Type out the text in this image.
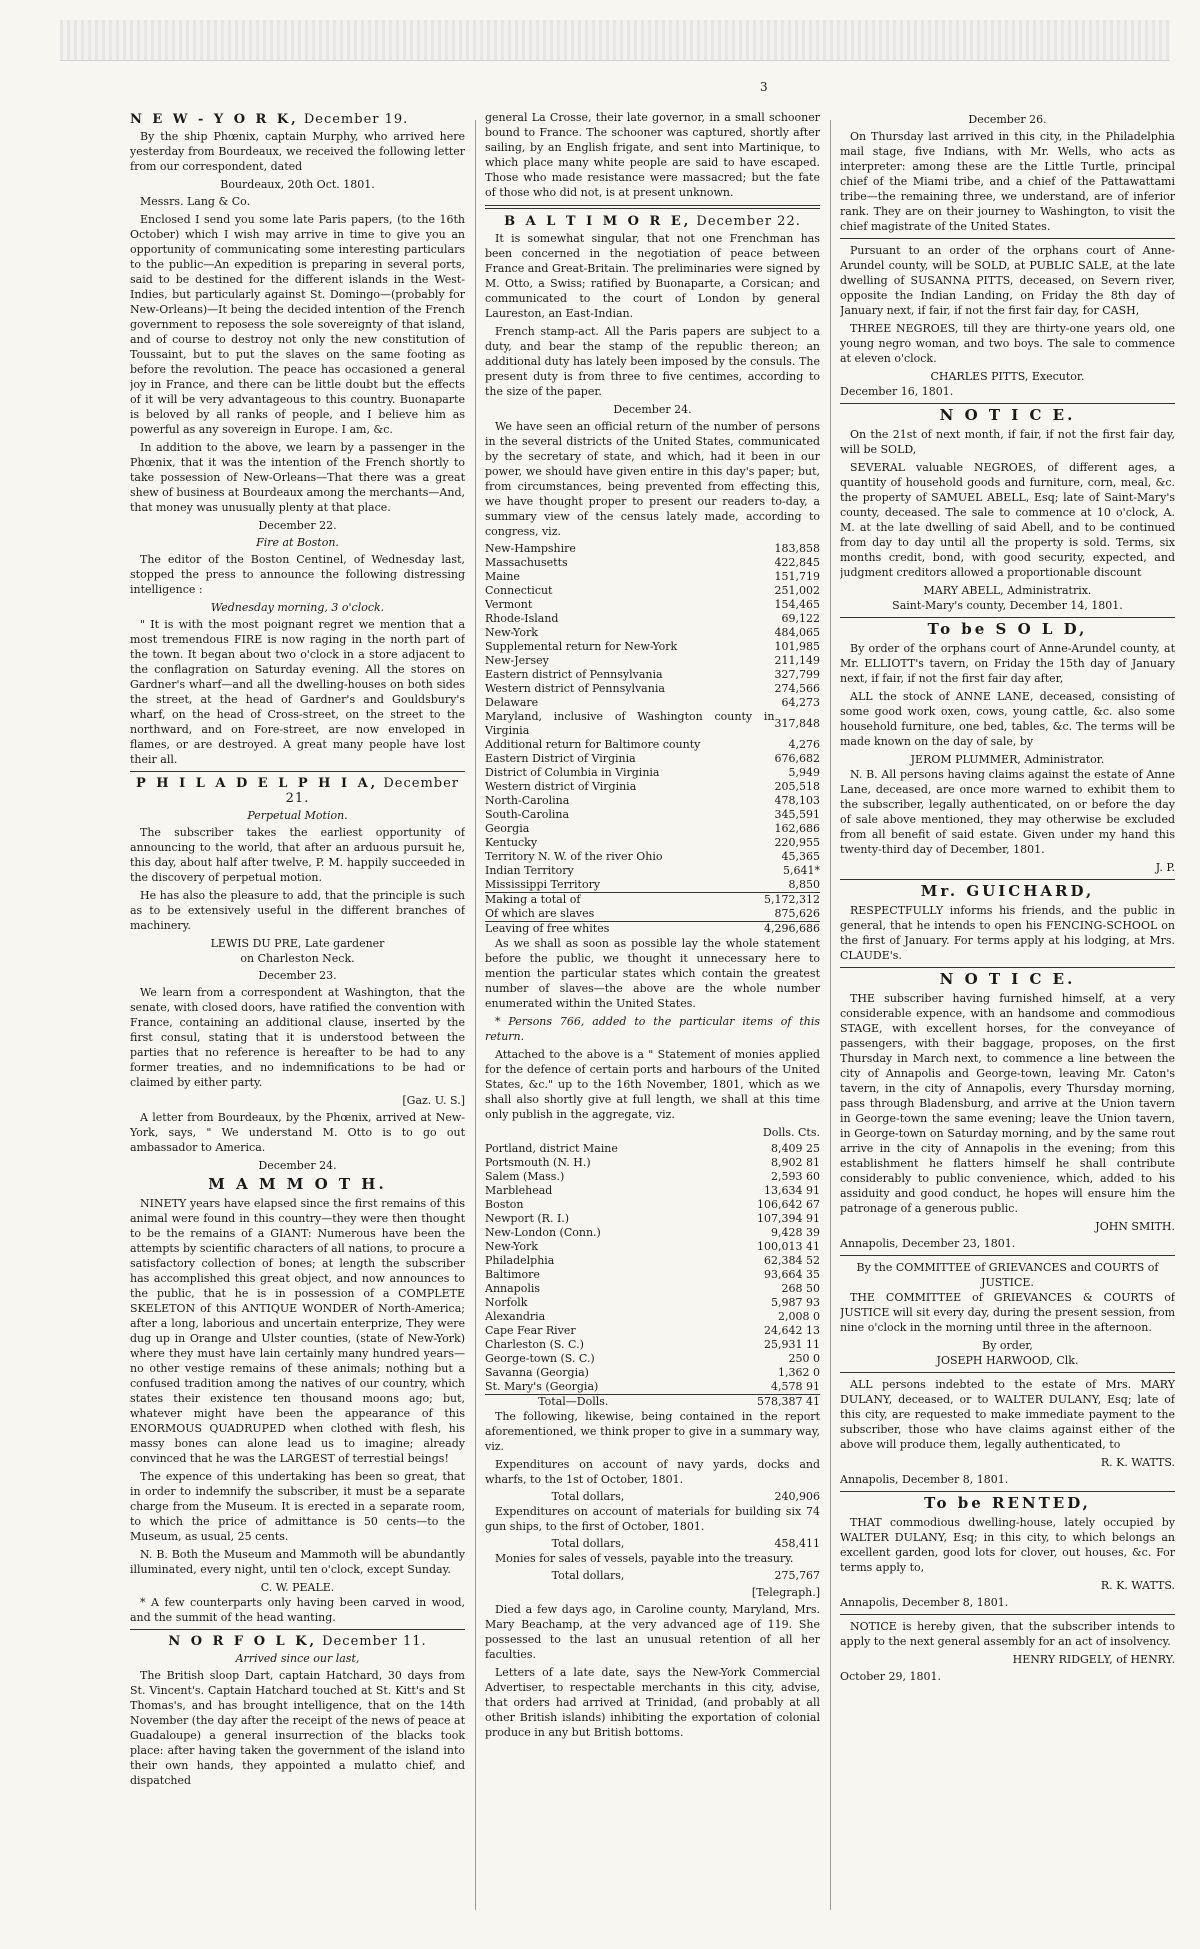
3
N E W - Y O R K, December 19.

By the ship Phœnix, captain Murphy, who arrived here yesterday from Bourdeaux, we received the following letter from our correspondent, dated

Bourdeaux, 20th Oct. 1801.

Messrs. Lang & Co.

Enclosed I send you some late Paris papers, (to the 16th October) which I wish may arrive in time to give you an opportunity of communicating some interesting particulars to the public—An expedition is preparing in several ports, said to be destined for the different islands in the West-Indies, but particularly against St. Domingo—(probably for New-Orleans)—It being the decided intention of the French government to reposess the sole sovereignty of that island, and of course to destroy not only the new constitution of Toussaint, but to put the slaves on the same footing as before the revolution. The peace has occasioned a general joy in France, and there can be little doubt but the effects of it will be very advantageous to this country. Buonaparte is beloved by all ranks of people, and I believe him as powerful as any sovereign in Europe. I am, &c.

In addition to the above, we learn by a passenger in the Phœnix, that it was the intention of the French shortly to take possession of New-Orleans—That there was a great shew of business at Bourdeaux among the merchants—And, that money was unusually plenty at that place.

December 22.
Fire at Boston.

The editor of the Boston Centinel, of Wednesday last, stopped the press to announce the following distressing intelligence :

Wednesday morning, 3 o'clock.

" It is with the most poignant regret we mention that a most tremendous FIRE is now raging in the north part of the town. It began about two o'clock in a store adjacent to the conflagration on Saturday evening. All the stores on Gardner's wharf—and all the dwelling-houses on both sides the street, at the head of Gardner's and Gouldsbury's wharf, on the head of Cross-street, on the street to the northward, and on Fore-street, are now enveloped in flames, or are destroyed. A great many people have lost their all.

P H I L A D E L P H I A, December 21.
Perpetual Motion.

The subscriber takes the earliest opportunity of announcing to the world, that after an arduous pursuit he, this day, about half after twelve, P. M. happily succeeded in the discovery of perpetual motion.

He has also the pleasure to add, that the principle is such as to be extensively useful in the different branches of machinery.

LEWIS DU PRE, Late gardener
on Charleston Neck.
December 23.

We learn from a correspondent at Washington, that the senate, with closed doors, have ratified the convention with France, containing an additional clause, inserted by the first consul, stating that it is understood between the parties that no reference is hereafter to be had to any former treaties, and no indemnifications to be had or claimed by either party.

[Gaz. U. S.]

A letter from Bourdeaux, by the Phœnix, arrived at New-York, says, " We understand M. Otto is to go out ambassador to America.

December 24.
M A M M O T H.

NINETY years have elapsed since the first remains of this animal were found in this country—they were then thought to be the remains of a GIANT: Numerous have been the attempts by scientific characters of all nations, to procure a satisfactory collection of bones; at length the subscriber has accomplished this great object, and now announces to the public, that he is in possession of a COMPLETE SKELETON of this ANTIQUE WONDER of North-America; after a long, laborious and uncertain enterprize, They were dug up in Orange and Ulster counties, (state of New-York) where they must have lain certainly many hundred years—no other vestige remains of these animals; nothing but a confused tradition among the natives of our country, which states their existence ten thousand moons ago; but, whatever might have been the appearance of this ENORMOUS QUADRUPED when clothed with flesh, his massy bones can alone lead us to imagine; already convinced that he was the LARGEST of terrestial beings!

The expence of this undertaking has been so great, that in order to indemnify the subscriber, it must be a separate charge from the Museum. It is erected in a separate room, to which the price of admittance is 50 cents—to the Museum, as usual, 25 cents.

N. B. Both the Museum and Mammoth will be abundantly illuminated, every night, until ten o'clock, except Sunday.

C. W. PEALE.

* A few counterparts only having been carved in wood, and the summit of the head wanting.

N O R F O L K, December 11.
Arrived since our last,

The British sloop Dart, captain Hatchard, 30 days from St. Vincent's. Captain Hatchard touched at St. Kitt's and St Thomas's, and has brought intelligence, that on the 14th November (the day after the receipt of the news of peace at Guadaloupe) a general insurrection of the blacks took place: after having taken the government of the island into their own hands, they appointed a mulatto chief, and dispatched

general La Crosse, their late governor, in a small schooner bound to France. The schooner was captured, shortly after sailing, by an English frigate, and sent into Martinique, to which place many white people are said to have escaped. Those who made resistance were massacred; but the fate of those who did not, is at present unknown.

B A L T I M O R E, December 22.

It is somewhat singular, that not one Frenchman has been concerned in the negotiation of peace between France and Great-Britain. The preliminaries were signed by M. Otto, a Swiss; ratified by Buonaparte, a Corsican; and communicated to the court of London by general Laureston, an East-Indian.

French stamp-act. All the Paris papers are subject to a duty, and bear the stamp of the republic thereon; an additional duty has lately been imposed by the consuls. The present duty is from three to five centimes, according to the size of the paper.

December 24.

We have seen an official return of the number of persons in the several districts of the United States, communicated by the secretary of state, and which, had it been in our power, we should have given entire in this day's paper; but, from circumstances, being prevented from effecting this, we have thought proper to present our readers to-day, a summary view of the census lately made, according to congress, viz.

New-Hampshire	183,858
Massachusetts	422,845
Maine	151,719
Connecticut	251,002
Vermont	154,465
Rhode-Island	69,122
New-York	484,065
Supplemental return for New-York	101,985
New-Jersey	211,149
Eastern district of Pennsylvania	327,799
Western district of Pennsylvania	274,566
Delaware	64,273
Maryland, inclusive of Washington county in Virginia	317,848
Additional return for Baltimore county	4,276
Eastern District of Virginia	676,682
District of Columbia in Virginia	5,949
Western district of Virginia	205,518
North-Carolina	478,103
South-Carolina	345,591
Georgia	162,686
Kentucky	220,955
Territory N. W. of the river Ohio	45,365
Indian Territory	5,641*
Mississippi Territory	8,850
Making a total of	5,172,312
Of which are slaves	875,626
Leaving of free whites	4,296,686

As we shall as soon as possible lay the whole statement before the public, we thought it unnecessary here to mention the particular states which contain the greatest number of slaves—the above are the whole number enumerated within the United States.

* Persons 766, added to the particular items of this return.

Attached to the above is a " Statement of monies applied for the defence of certain ports and harbours of the United States, &c." up to the 16th November, 1801, which as we shall also shortly give at full length, we shall at this time only publish in the aggregate, viz.

Dolls. Cts.
Portland, district Maine	8,409 25
Portsmouth (N. H.)	8,902 81
Salem (Mass.)	2,593 60
Marblehead	13,634 91
Boston	106,642 67
Newport (R. I.)	107,394 91
New-London (Conn.)	9,428 39
New-York	100,013 41
Philadelphia	62,384 52
Baltimore	93,664 35
Annapolis	268 50
Norfolk	5,987 93
Alexandria	2,008 0
Cape Fear River	24,642 13
Charleston (S. C.)	25,931 11
George-town (S. C.)	250 0
Savanna (Georgia)	1,362 0
St. Mary's (Georgia)	4,578 91
Total—Dolls.	578,387 41

The following, likewise, being contained in the report aforementioned, we think proper to give in a summary way, viz.

Expenditures on account of navy yards, docks and wharfs, to the 1st of October, 1801.

Total dollars,	240,906

Expenditures on account of materials for building six 74 gun ships, to the first of October, 1801.

Total dollars,	458,411

Monies for sales of vessels, payable into the treasury.

Total dollars,	275,767
[Telegraph.]

Died a few days ago, in Caroline county, Maryland, Mrs. Mary Beachamp, at the very advanced age of 119. She possessed to the last an unusual retention of all her faculties.

Letters of a late date, says the New-York Commercial Advertiser, to respectable merchants in this city, advise, that orders had arrived at Trinidad, (and probably at all other British islands) inhibiting the exportation of colonial produce in any but British bottoms.

December 26.

On Thursday last arrived in this city, in the Philadelphia mail stage, five Indians, with Mr. Wells, who acts as interpreter: among these are the Little Turtle, principal chief of the Miami tribe, and a chief of the Pattawattami tribe—the remaining three, we understand, are of inferior rank. They are on their journey to Washington, to visit the chief magistrate of the United States.

Pursuant to an order of the orphans court of Anne-Arundel county, will be SOLD, at PUBLIC SALE, at the late dwelling of SUSANNA PITTS, deceased, on Severn river, opposite the Indian Landing, on Friday the 8th day of January next, if fair, if not the first fair day, for CASH,

THREE NEGROES, till they are thirty-one years old, one young negro woman, and two boys. The sale to commence at eleven o'clock.

CHARLES PITTS, Executor.
December 16, 1801.
N O T I C E.

On the 21st of next month, if fair, if not the first fair day, will be SOLD,

SEVERAL valuable NEGROES, of different ages, a quantity of household goods and furniture, corn, meal, &c. the property of SAMUEL ABELL, Esq; late of Saint-Mary's county, deceased. The sale to commence at 10 o'clock, A. M. at the late dwelling of said Abell, and to be continued from day to day until all the property is sold. Terms, six months credit, bond, with good security, expected, and judgment creditors allowed a proportionable discount

MARY ABELL, Administratrix.
Saint-Mary's county, December 14, 1801.
To be S O L D,

By order of the orphans court of Anne-Arundel county, at Mr. ELLIOTT's tavern, on Friday the 15th day of January next, if fair, if not the first fair day after,

ALL the stock of ANNE LANE, deceased, consisting of some good work oxen, cows, young cattle, &c. also some household furniture, one bed, tables, &c. The terms will be made known on the day of sale, by

JEROM PLUMMER, Administrator.

N. B. All persons having claims against the estate of Anne Lane, deceased, are once more warned to exhibit them to the subscriber, legally authenticated, on or before the day of sale above mentioned, they may otherwise be excluded from all benefit of said estate. Given under my hand this twenty-third day of December, 1801.

J. P.
Mr. GUICHARD,

RESPECTFULLY informs his friends, and the public in general, that he intends to open his FENCING-SCHOOL on the first of January. For terms apply at his lodging, at Mrs. CLAUDE's.

N O T I C E.

THE subscriber having furnished himself, at a very considerable expence, with an handsome and commodious STAGE, with excellent horses, for the conveyance of passengers, with their baggage, proposes, on the first Thursday in March next, to commence a line between the city of Annapolis and George-town, leaving Mr. Caton's tavern, in the city of Annapolis, every Thursday morning, pass through Bladensburg, and arrive at the Union tavern in George-town the same evening; leave the Union tavern, in George-town on Saturday morning, and by the same rout arrive in the city of Annapolis in the evening; from this establishment he flatters himself he shall contribute considerably to public convenience, which, added to his assiduity and good conduct, he hopes will ensure him the patronage of a generous public.

JOHN SMITH.
Annapolis, December 23, 1801.
By the COMMITTEE of GRIEVANCES and COURTS of JUSTICE.

THE COMMITTEE of GRIEVANCES & COURTS of JUSTICE will sit every day, during the present session, from nine o'clock in the morning until three in the afternoon.

By order,
JOSEPH HARWOOD, Clk.

ALL persons indebted to the estate of Mrs. MARY DULANY, deceased, or to WALTER DULANY, Esq; late of this city, are requested to make immediate payment to the subscriber, those who have claims against either of the above will produce them, legally authenticated, to

R. K. WATTS.
Annapolis, December 8, 1801.
To be RENTED,

THAT commodious dwelling-house, lately occupied by WALTER DULANY, Esq; in this city, to which belongs an excellent garden, good lots for clover, out houses, &c. For terms apply to,

R. K. WATTS.
Annapolis, December 8, 1801.

NOTICE is hereby given, that the subscriber intends to apply to the next general assembly for an act of insolvency.

HENRY RIDGELY, of HENRY.
October 29, 1801.
